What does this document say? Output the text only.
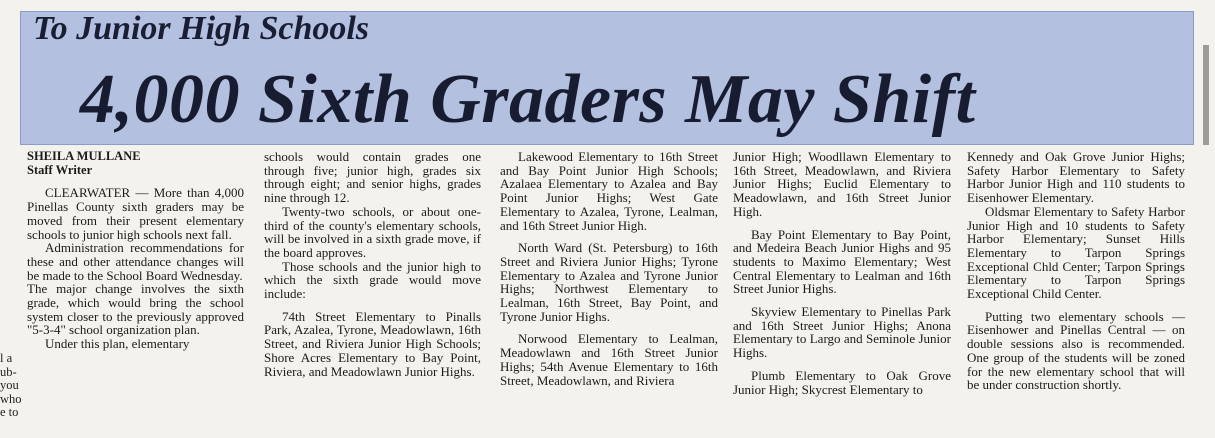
To Junior High Schools
4,000 Sixth Graders May Shift
l a
ub-
you
who
e to

SHEILA MULLANE

Staff Writer

CLEARWATER — More than 4,000 Pinellas County sixth graders may be moved from their present elementary schools to junior high schools next fall.

Administration recommendations for these and other attendance changes will be made to the School Board Wednesday.

The major change involves the sixth grade, which would bring the school system closer to the previously approved "5-3-4" school organization plan.

Under this plan, elementary

schools would contain grades one through five; junior high, grades six through eight; and senior highs, grades nine through 12.

Twenty-two schools, or about one-third of the county's elementary schools, will be involved in a sixth grade move, if the board approves.

Those schools and the junior high to which the sixth grade would move include:

74th Street Elementary to Pinalls Park, Azalea, Tyrone, Meadowlawn, 16th Street, and Riviera Junior High Schools; Shore Acres Elementary to Bay Point, Riviera, and Meadowlawn Junior Highs.

Lakewood Elementary to 16th Street and Bay Point Junior High Schools; Azalaea Elementary to Azalea and Bay Point Junior Highs; West Gate Elementary to Azalea, Tyrone, Lealman, and 16th Street Junior High.

North Ward (St. Petersburg) to 16th Street and Riviera Junior Highs; Tyrone Elementary to Azalea and Tyrone Junior Highs; Northwest Elementary to Lealman, 16th Street, Bay Point, and Tyrone Junior Highs.

Norwood Elementary to Lealman, Meadowlawn and 16th Street Junior Highs; 54th Avenue Elementary to 16th Street, Meadowlawn, and Riviera

Junior High; Woodllawn Elementary to 16th Street, Meadowlawn, and Riviera Junior Highs; Euclid Elementary to Meadowlawn, and 16th Street Junior High.

Bay Point Elementary to Bay Point, and Medeira Beach Junior Highs and 95 students to Maximo Elementary; West Central Elementary to Lealman and 16th Street Junior Highs.

Skyview Elementary to Pinellas Park and 16th Street Junior Highs; Anona Elementary to Largo and Seminole Junior Highs.

Plumb Elementary to Oak Grove Junior High; Skycrest Elementary to

Kennedy and Oak Grove Junior Highs; Safety Harbor Elementary to Safety Harbor Junior High and 110 students to Eisenhower Elementary.

Oldsmar Elementary to Safety Harbor Junior High and 10 students to Safety Harbor Elementary; Sunset Hills Elementary to Tarpon Springs Exceptional Chld Center; Tarpon Springs Elementary to Tarpon Springs Exceptional Child Center.

Putting two elementary schools — Eisenhower and Pinellas Central — on double sessions also is recommended. One group of the students will be zoned for the new elementary school that will be under construction shortly.
